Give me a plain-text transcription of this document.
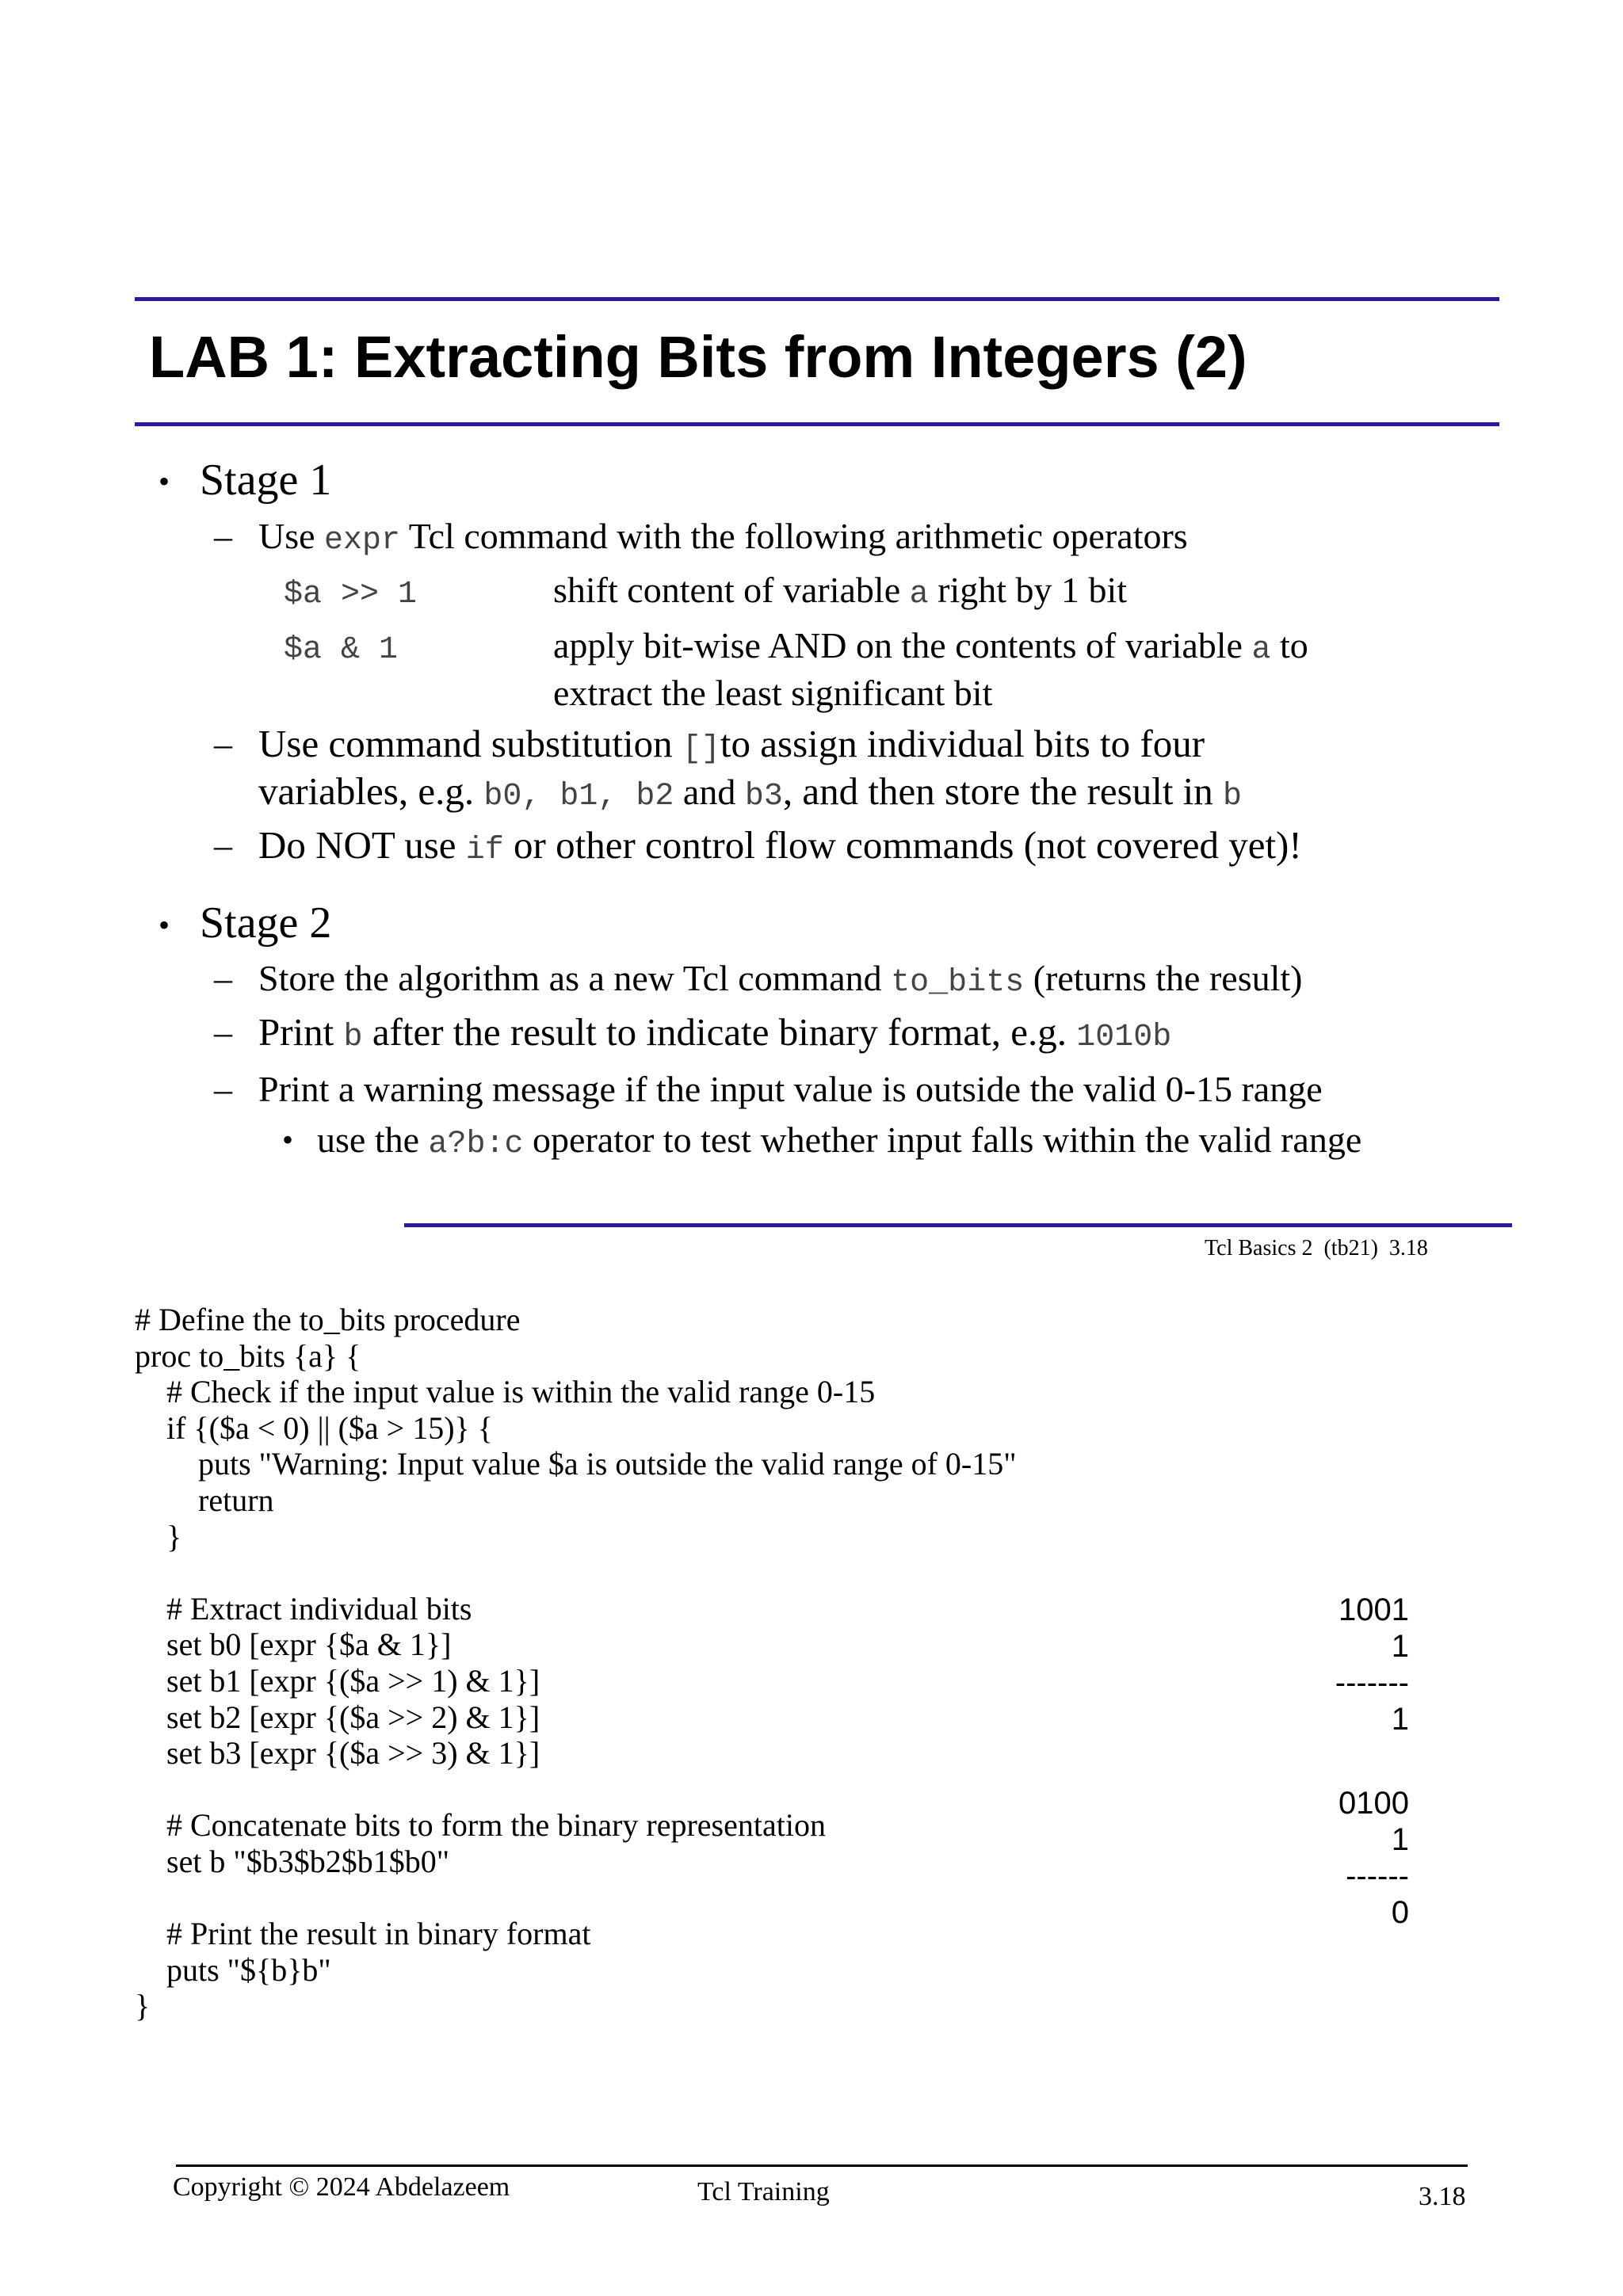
LAB 1: Extracting Bits from Integers (2)
• Stage 1
– Use expr Tcl command with the following arithmetic operators
$a >> 1	shift content of variable a right by 1 bit
$a & 1	apply bit-wise AND on the contents of variable a to
extract the least significant bit
– Use command substitution []to assign individual bits to four
variables, e.g. b0, b1, b2 and b3, and then store the result in b
– Do NOT use if or other control flow commands (not covered yet)!
• Stage 2
– Store the algorithm as a new Tcl command to_bits (returns the result)
– Print b after the result to indicate binary format, e.g. 1010b
– Print a warning message if the input value is outside the valid 0-15 range
• use the a?b:c operator to test whether input falls within the valid range
Tcl Basics 2  (tb21)  3.18
# Define the to_bits procedure
proc to_bits {a} {
# Check if the input value is within the valid range 0-15
if {($a < 0) || ($a > 15)} {
puts "Warning: Input value $a is outside the valid range of 0-15"
return
}
# Extract individual bits
set b0 [expr {$a & 1}]
set b1 [expr {($a >> 1) & 1}]
set b2 [expr {($a >> 2) & 1}]
set b3 [expr {($a >> 3) & 1}]
# Concatenate bits to form the binary representation
set b "$b3$b2$b1$b0"
# Print the result in binary format
puts "${b}b"
}
1001
1
-------
1
0100
1
------
0
Copyright © 2024 Abdelazeem	Tcl Training	3.18
